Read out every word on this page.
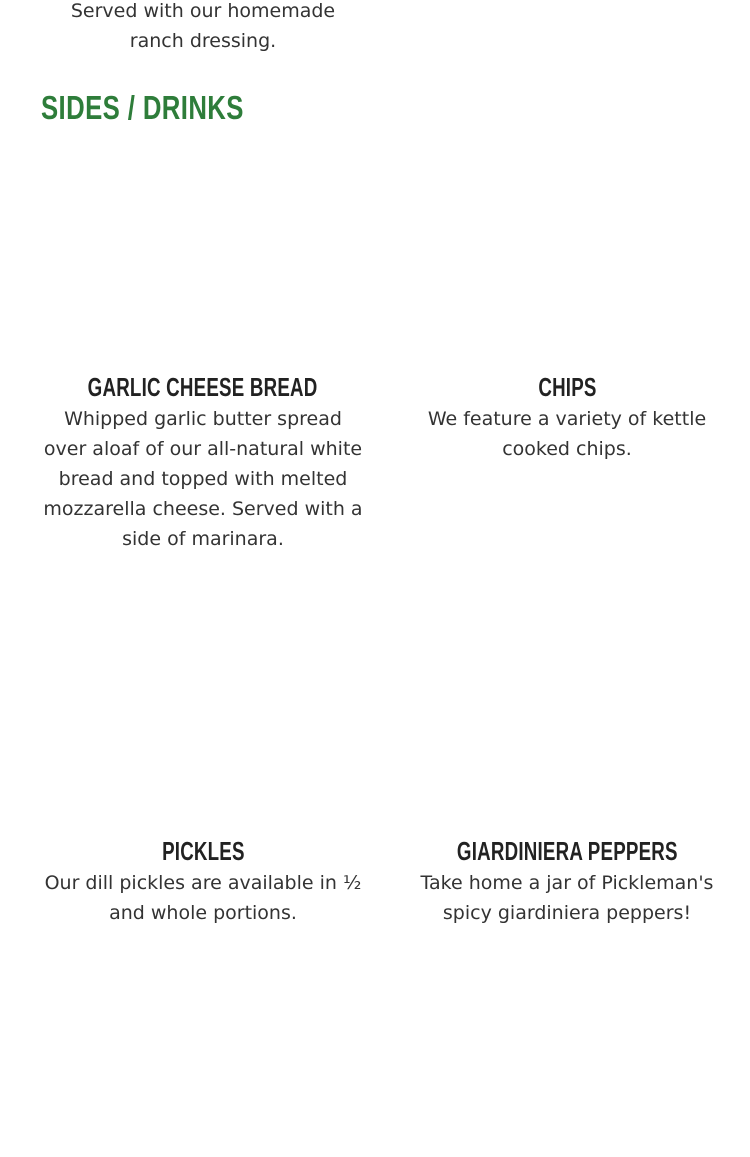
Served with our homemade ranch dressing.
SIDES / DRINKS
GARLIC CHEESE BREAD

Whipped garlic butter spread over aloaf of our all-natural white bread and topped with melted mozzarella cheese. Served with a side of marinara.

CHIPS

We feature a variety of kettle cooked chips.

PICKLES

Our dill pickles are available in ½ and whole portions.

GIARDINIERA PEPPERS

Take home a jar of Pickleman's spicy giardiniera peppers!
